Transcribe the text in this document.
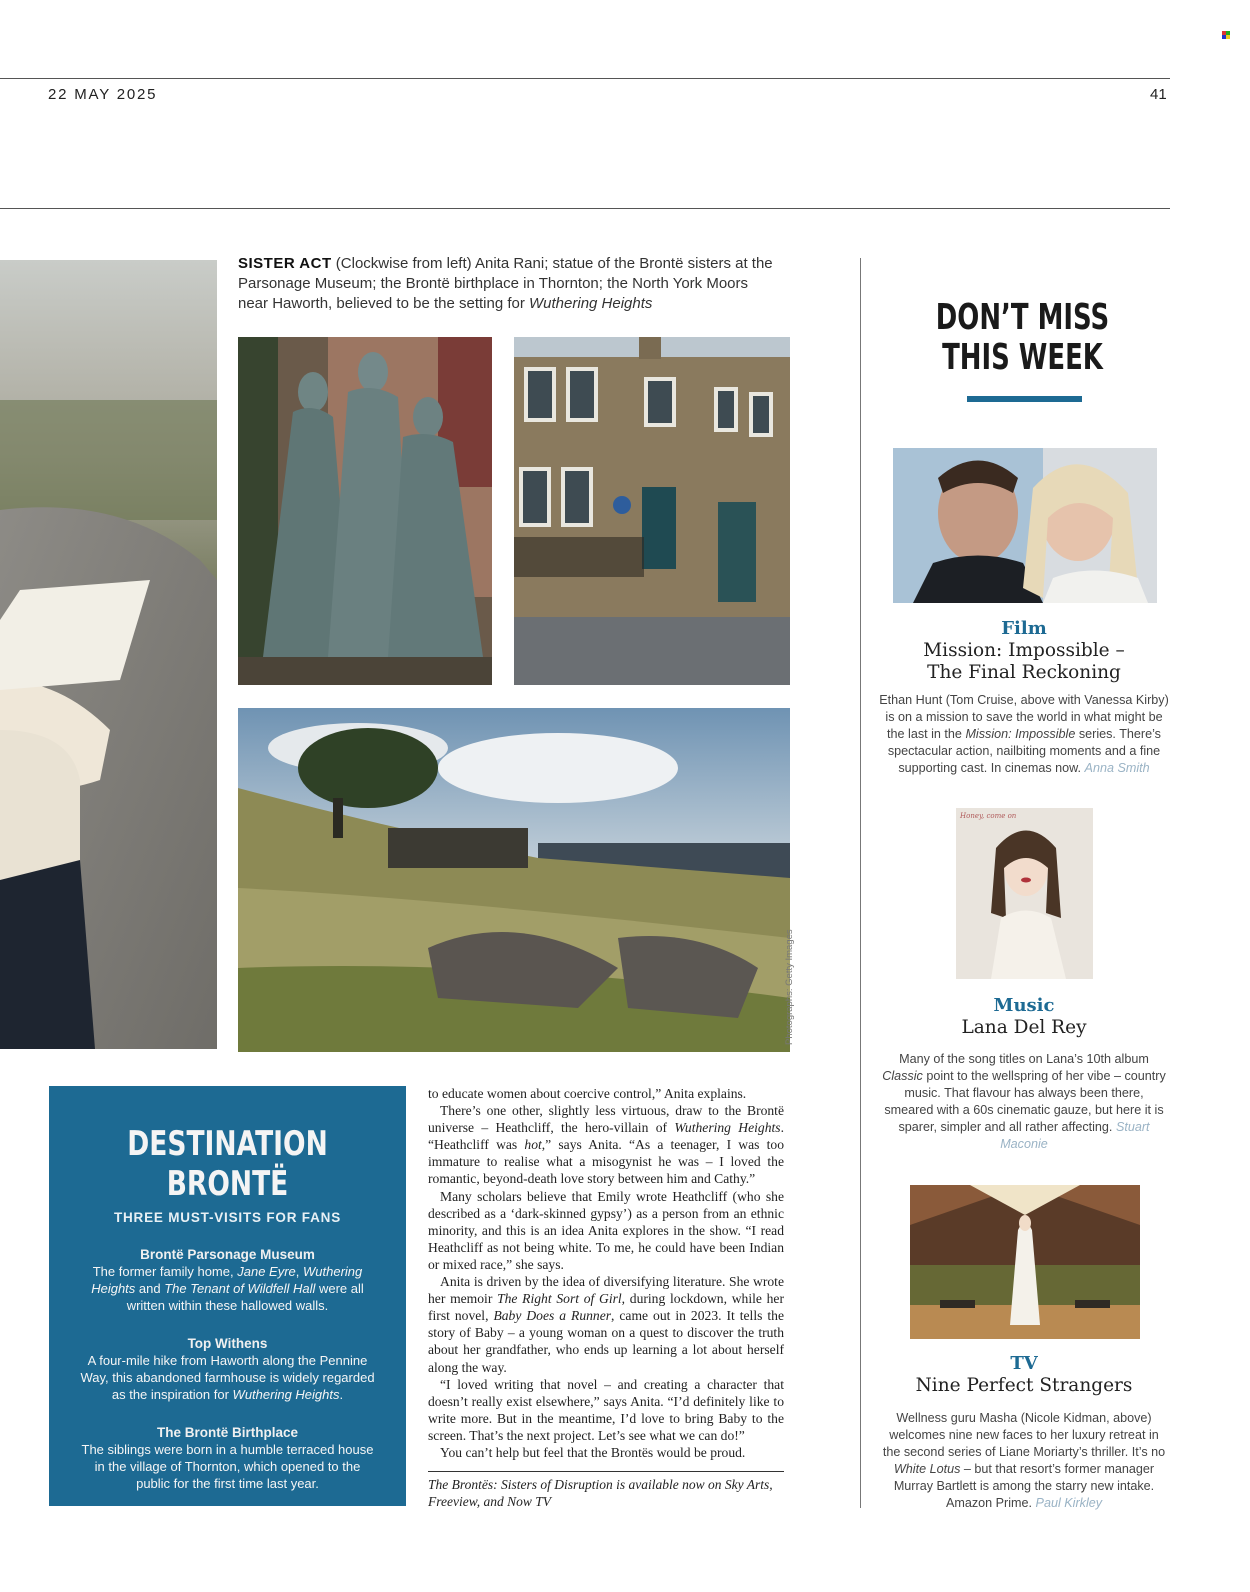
22 MAY 2025	41
SISTER ACT (Clockwise from left) Anita Rani; statue of the Brontë sisters at the Parsonage Museum; the Brontë birthplace in Thornton; the North York Moors near Haworth, believed to be the setting for Wuthering Heights
Photographs: Getty Images
DESTINATION BRONTË
THREE MUST-VISITS FOR FANS
Brontë Parsonage Museum
The former family home, Jane Eyre, Wuthering Heights and The Tenant of Wildfell Hall were all written within these hallowed walls.
Top Withens
A four-mile hike from Haworth along the Pennine Way, this abandoned farmhouse is widely regarded as the inspiration for Wuthering Heights.
The Brontë Birthplace
The siblings were born in a humble terraced house in the village of Thornton, which opened to the public for the first time last year.

to educate women about coercive control,” Anita explains.

There’s one other, slightly less virtuous, draw to the Brontë universe – Heathcliff, the hero-villain of Wuthering Heights. “Heathcliff was hot,” says Anita. “As a teenager, I was too immature to realise what a misogynist he was – I loved the romantic, beyond-death love story between him and Cathy.”

Many scholars believe that Emily wrote Heathcliff (who she described as a ‘dark-skinned gypsy’) as a person from an ethnic minority, and this is an idea Anita explores in the show. “I read Heathcliff as not being white. To me, he could have been Indian or mixed race,” she says.

Anita is driven by the idea of diversifying literature. She wrote her memoir The Right Sort of Girl, during lockdown, while her first novel, Baby Does a Runner, came out in 2023. It tells the story of Baby – a young woman on a quest to discover the truth about her grandfather, who ends up learning a lot about herself along the way.

“I loved writing that novel – and creating a character that doesn’t really exist elsewhere,” says Anita. “I’d definitely like to write more. But in the meantime, I’d love to bring Baby to the screen. That’s the next project. Let’s see what we can do!”

You can’t help but feel that the Brontës would be proud.

The Brontës: Sisters of Disruption is available now on Sky Arts, Freeview, and Now TV
DON’T MISS
THIS WEEK
Film
Mission: Impossible –
The Final Reckoning
Ethan Hunt (Tom Cruise, above with Vanessa Kirby) is on a mission to save the world in what might be the last in the Mission: Impossible series. There’s spectacular action, nailbiting moments and a fine supporting cast. In cinemas now. Anna Smith
Honey, come on
Music
Lana Del Rey
Many of the song titles on Lana’s 10th album Classic point to the wellspring of her vibe – country music. That flavour has always been there, smeared with a 60s cinematic gauze, but here it is sparer, simpler and all rather affecting. Stuart Maconie
TV
Nine Perfect Strangers
Wellness guru Masha (Nicole Kidman, above) welcomes nine new faces to her luxury retreat in the second series of Liane Moriarty’s thriller. It’s no White Lotus – but that resort’s former manager Murray Bartlett is among the starry new intake. Amazon Prime. Paul Kirkley
